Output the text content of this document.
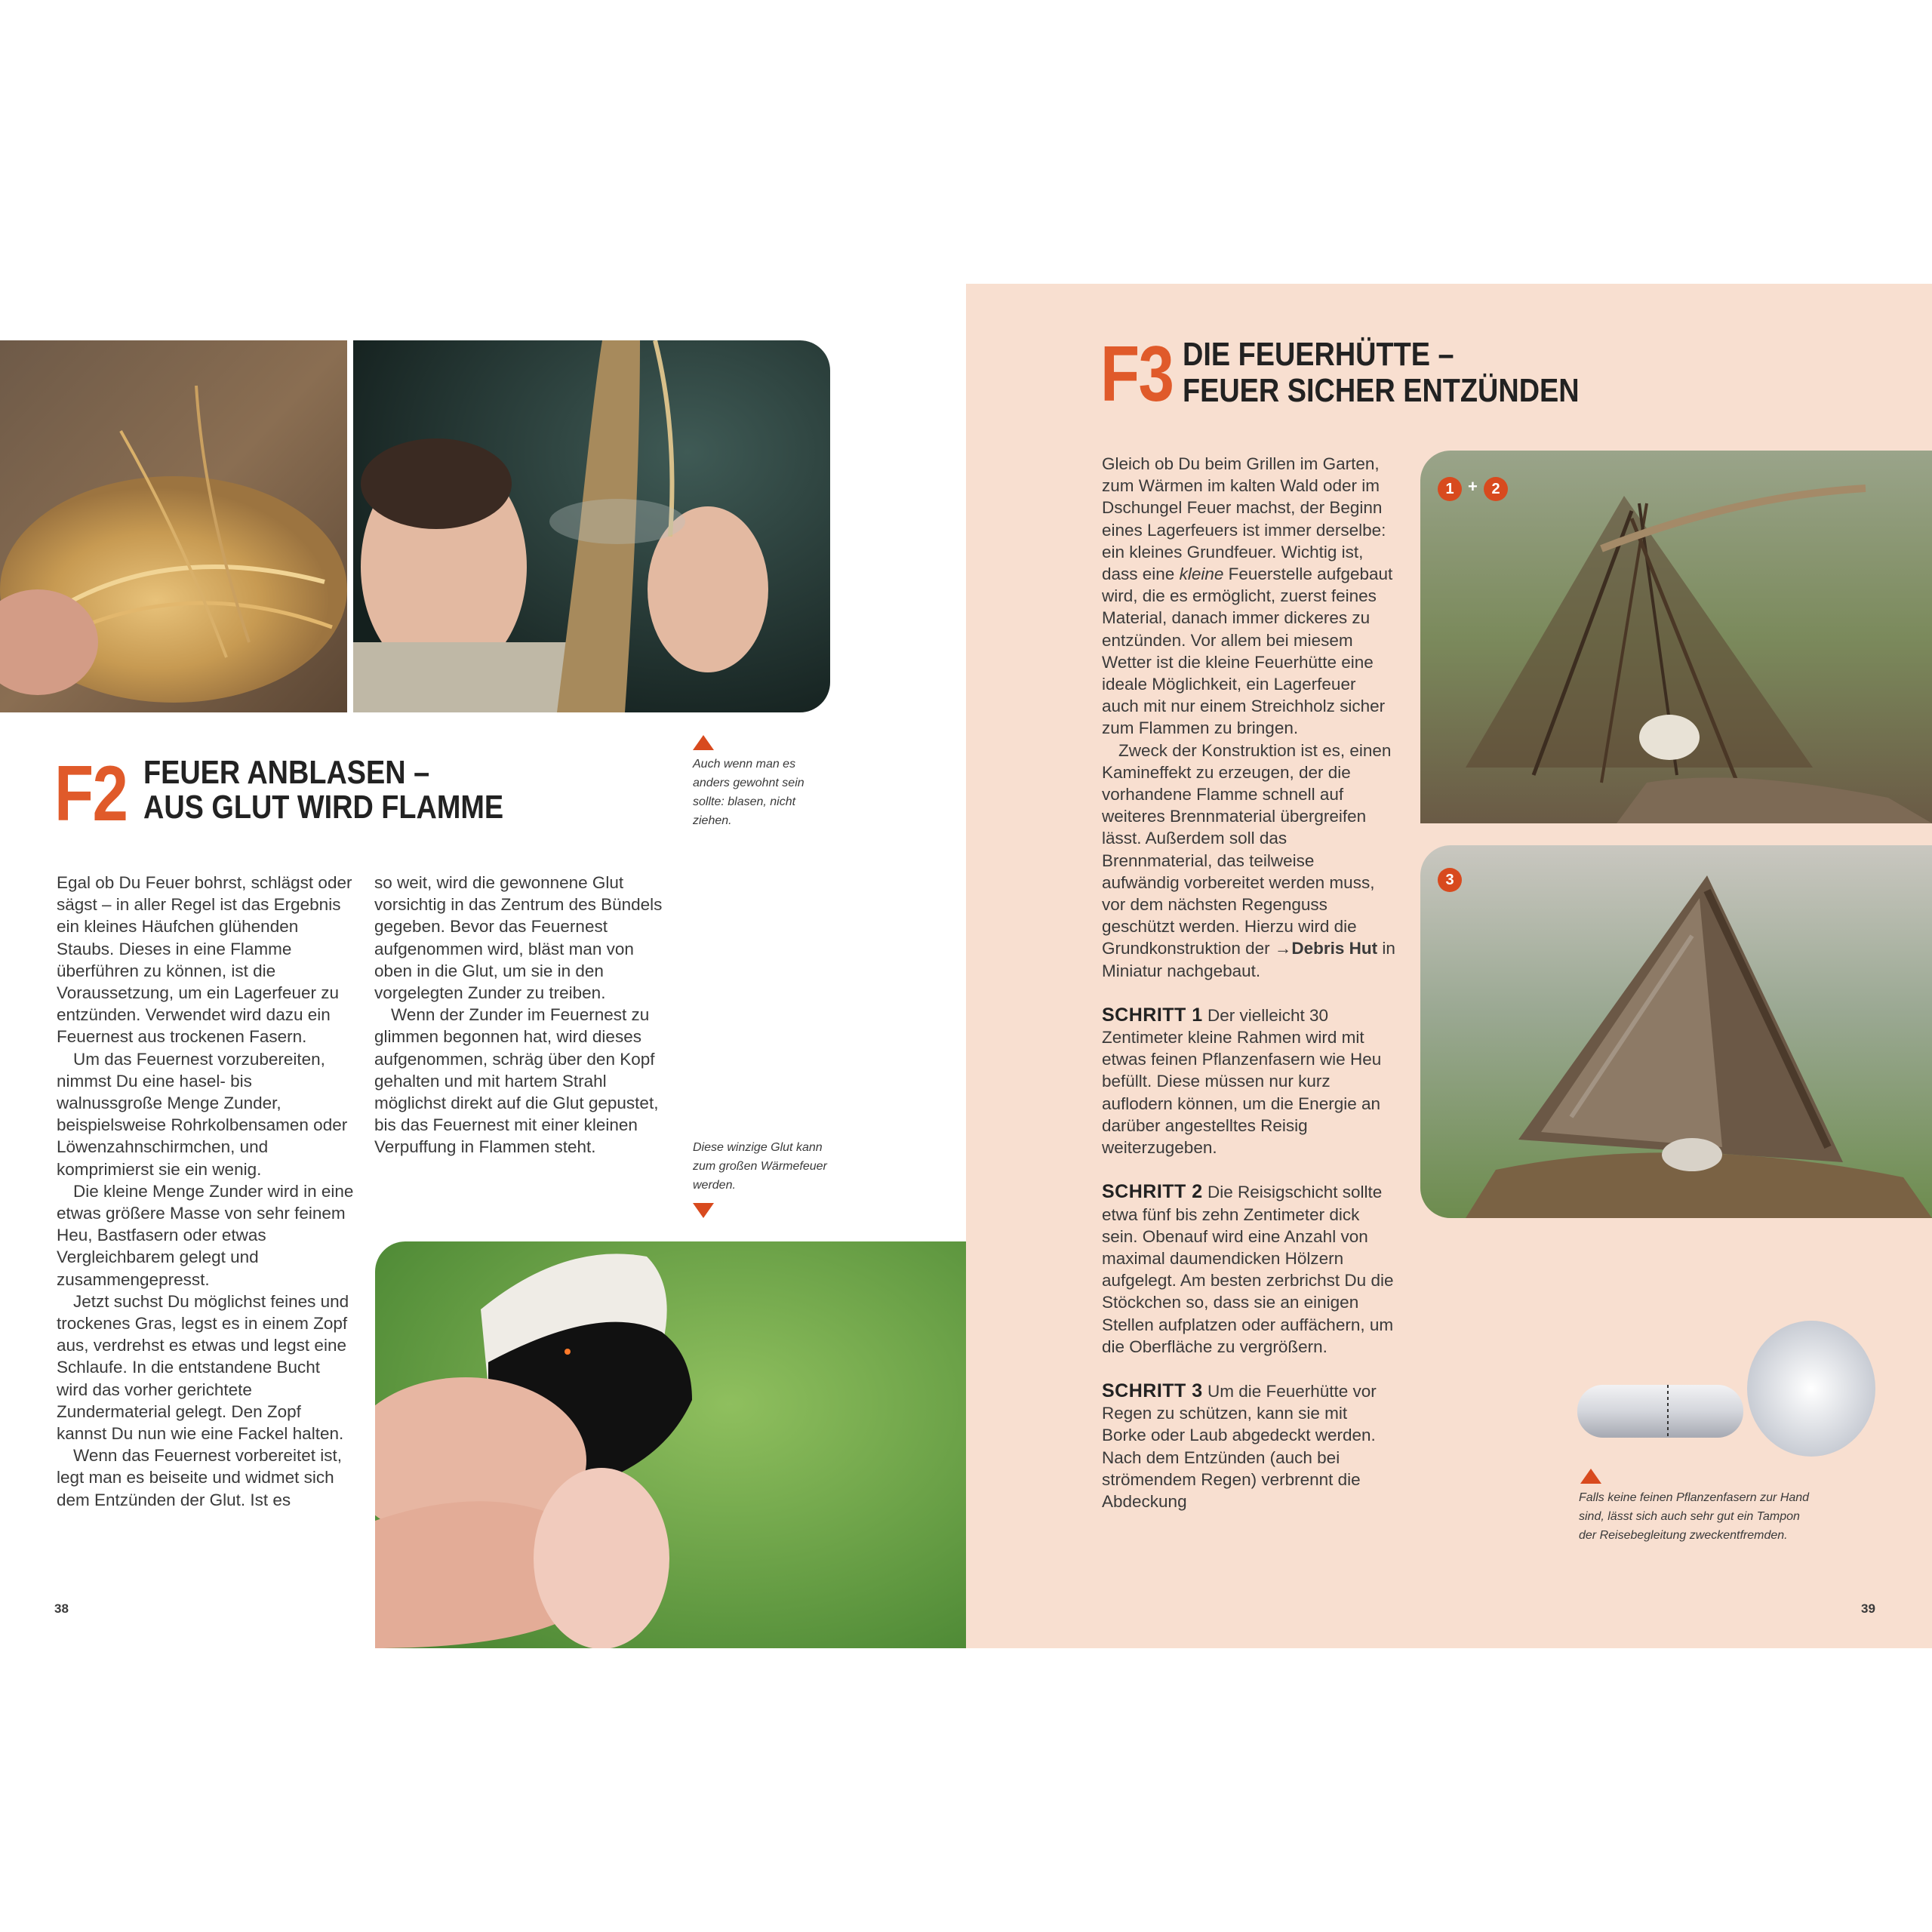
F2 FEUER ANBLASEN –
AUS GLUT WIRD FLAMME
Auch wenn man es anders gewohnt sein sollte: blasen, nicht ziehen.
Diese winzige Glut kann zum großen Wärmefeuer werden.

Egal ob Du Feuer bohrst, schlägst oder sägst – in aller Regel ist das Ergebnis ein kleines Häufchen glühenden Staubs. Dieses in eine Flamme überführen zu können, ist die Voraussetzung, um ein Lagerfeuer zu entzünden. Verwendet wird dazu ein Feuernest aus trockenen Fasern.

Um das Feuernest vorzubereiten, nimmst Du eine hasel- bis walnussgroße Menge Zunder, beispielsweise Rohrkolbensamen oder Löwenzahnschirmchen, und komprimierst sie ein wenig.

Die kleine Menge Zunder wird in eine etwas größere Masse von sehr feinem Heu, Bastfasern oder etwas Vergleichbarem gelegt und zusammengepresst.

Jetzt suchst Du möglichst feines und trockenes Gras, legst es in einem Zopf aus, verdrehst es etwas und legst eine Schlaufe. In die entstandene Bucht wird das vorher gerichtete Zundermaterial gelegt. Den Zopf kannst Du nun wie eine Fackel halten.

Wenn das Feuernest vorbereitet ist, legt man es beiseite und widmet sich dem Entzünden der Glut. Ist es

so weit, wird die gewonnene Glut vorsichtig in das Zentrum des Bündels gegeben. Bevor das Feuernest aufgenommen wird, bläst man von oben in die Glut, um sie in den vorgelegten Zunder zu treiben.

Wenn der Zunder im Feuernest zu glimmen begonnen hat, wird dieses aufgenommen, schräg über den Kopf gehalten und mit hartem Strahl möglichst direkt auf die Glut gepustet, bis das Feuernest mit einer kleinen Verpuffung in Flammen steht.

38
F3 DIE FEUERHÜTTE –
FEUER SICHER ENTZÜNDEN

Gleich ob Du beim Grillen im Garten, zum Wärmen im kalten Wald oder im Dschungel Feuer machst, der Beginn eines Lagerfeuers ist immer derselbe: ein kleines Grundfeuer. Wichtig ist, dass eine kleine Feuerstelle aufgebaut wird, die es ermöglicht, zuerst feines Material, danach immer dickeres zu entzünden. Vor allem bei miesem Wetter ist die kleine Feuerhütte eine ideale Möglichkeit, ein Lagerfeuer auch mit nur einem Streichholz sicher zum Flammen zu bringen.

Zweck der Konstruktion ist es, einen Kamineffekt zu erzeugen, der die vorhandene Flamme schnell auf weiteres Brennmaterial übergreifen lässt. Außerdem soll das Brennmaterial, das teilweise aufwändig vorbereitet werden muss, vor dem nächsten Regenguss geschützt werden. Hierzu wird die Grundkonstruktion der →Debris Hut in Miniatur nachgebaut.

SCHRITT 1 Der vielleicht 30 Zentimeter kleine Rahmen wird mit etwas feinen Pflanzenfasern wie Heu befüllt. Diese müssen nur kurz auflodern können, um die Energie an darüber angestelltes Reisig weiterzugeben.

SCHRITT 2 Die Reisigschicht sollte etwa fünf bis zehn Zentimeter dick sein. Obenauf wird eine Anzahl von maximal daumendicken Hölzern aufgelegt. Am besten zerbrichst Du die Stöckchen so, dass sie an einigen Stellen aufplatzen oder auffächern, um die Oberfläche zu vergrößern.

SCHRITT 3 Um die Feuerhütte vor Regen zu schützen, kann sie mit Borke oder Laub abgedeckt werden. Nach dem Entzünden (auch bei strömendem Regen) verbrennt die Abdeckung

1 + 2
3
Falls keine feinen Pflanzenfasern zur Hand sind, lässt sich auch sehr gut ein Tampon der Reisebegleitung zweckentfremden.
39
